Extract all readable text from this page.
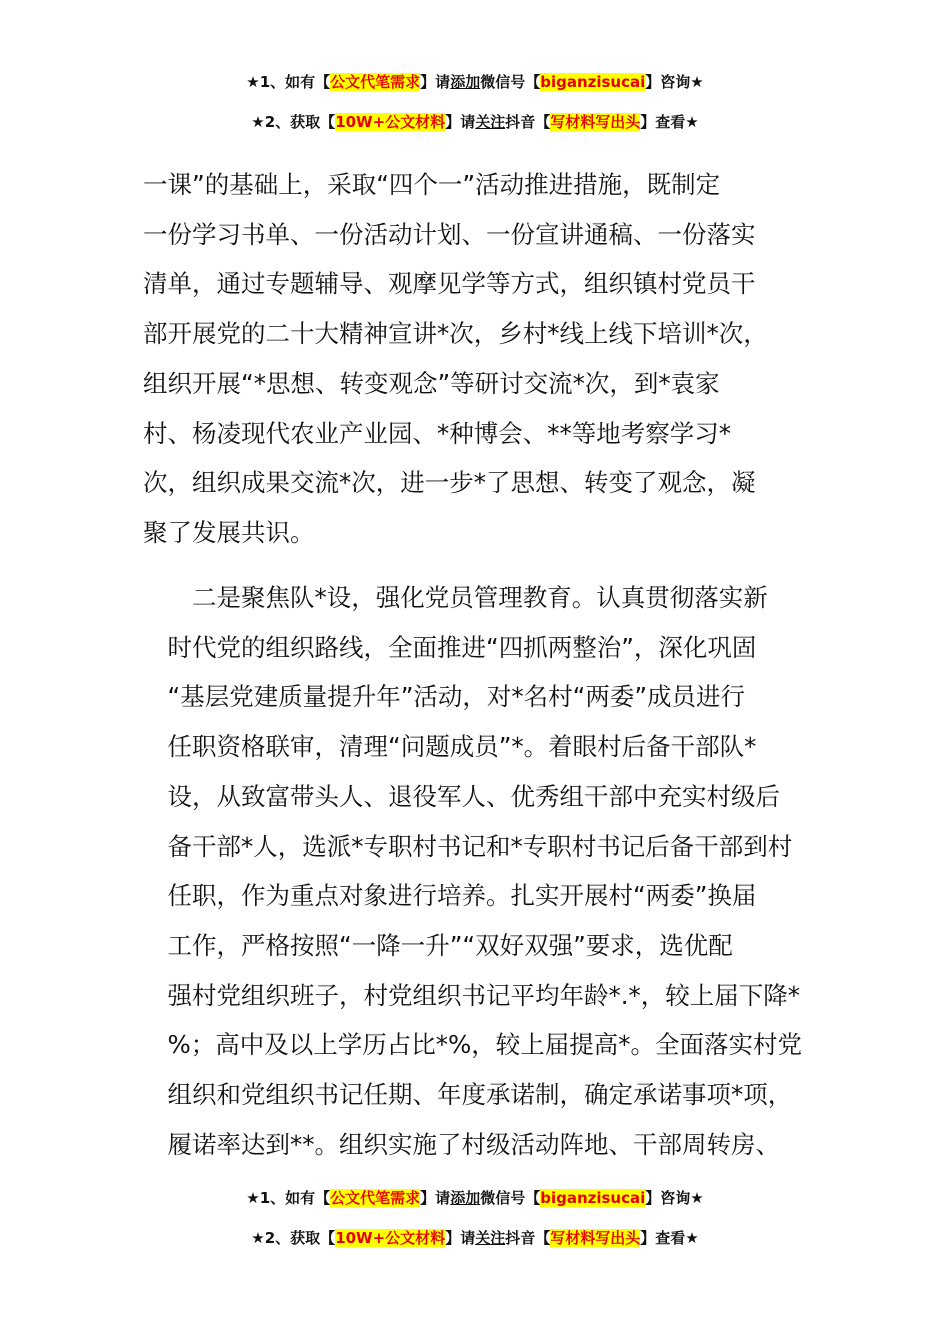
★1、如有【公文代笔需求】请添加微信号【biganzisucai】咨询★
★2、获取【10W+公文材料】请关注抖音【写材料写出头】查看★
一课”的基础上，采取“四个一”活动推进措施，既制定
一份学习书单、一份活动计划、一份宣讲通稿、一份落实
清单，通过专题辅导、观摩见学等方式，组织镇村党员干
部开展党的二十大精神宣讲*次，乡村*线上线下培训*次，
组织开展“*思想、转变观念”等研讨交流*次，到*袁家
村、杨凌现代农业产业园、*种博会、**等地考察学习*
次，组织成果交流*次，进一步*了思想、转变了观念，凝
聚了发展共识。
　　二是聚焦队*设，强化党员管理教育。认真贯彻落实新
　时代党的组织路线，全面推进“四抓两整治”，深化巩固
　“基层党建质量提升年”活动，对*名村“两委”成员进行
　任职资格联审，清理“问题成员”*。着眼村后备干部队*
　设，从致富带头人、退役军人、优秀组干部中充实村级后
　备干部*人，选派*专职村书记和*专职村书记后备干部到村
　任职，作为重点对象进行培养。扎实开展村“两委”换届
　工作，严格按照“一降一升”“双好双强”要求，选优配
　强村党组织班子，村党组织书记平均年龄*.*，较上届下降*
　%；高中及以上学历占比*%，较上届提高*。全面落实村党
　组织和党组织书记任期、年度承诺制，确定承诺事项*项，
　履诺率达到**。组织实施了村级活动阵地、干部周转房、
★1、如有【公文代笔需求】请添加微信号【biganzisucai】咨询★
★2、获取【10W+公文材料】请关注抖音【写材料写出头】查看★
